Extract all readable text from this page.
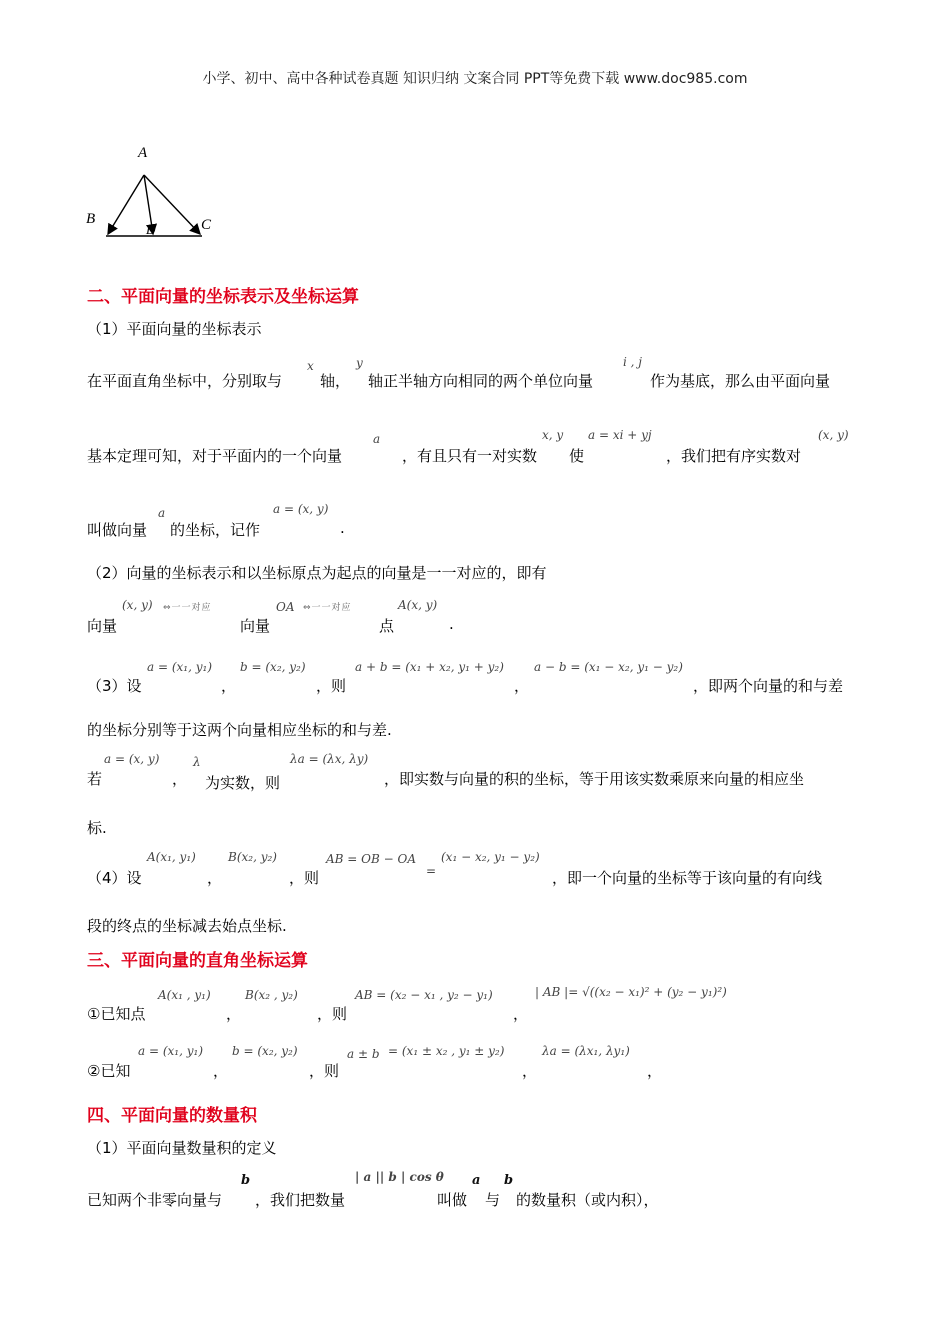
小学、初中、高中各种试卷真题 知识归纳 文案合同 PPT等免费下载 www.doc985.com
A
B	C
D
二、平面向量的坐标表示及坐标运算
（1）平面向量的坐标表示
在平面直角坐标中，分别取与
x
轴，
y
轴正半轴方向相同的两个单位向量
i , j
作为基底，那么由平面向量
基本定理可知，对于平面内的一个向量
a
，有且只有一对实数
x, y
使
a = xi + yj
，我们把有序实数对
(x, y)
叫做向量
a
的坐标，记作
a = (x, y)
.
（2）向量的坐标表示和以坐标原点为起点的向量是一一对应的，即有
向量
(x, y) ⇔一一对应
向量
OA ⇔一一对应
点
A(x, y)
.
（3）设
a = (x₁, y₁)
，
b = (x₂, y₂)
，则
a + b = (x₁ + x₂, y₁ + y₂)
，
a − b = (x₁ − x₂, y₁ − y₂)
，即两个向量的和与差
的坐标分别等于这两个向量相应坐标的和与差.
若
a = (x, y)
，
λ
为实数，则
λa = (λx, λy)
，即实数与向量的积的坐标，等于用该实数乘原来向量的相应坐
标.
（4）设
A(x₁, y₁)
，
B(x₂, y₂)
，则
AB = OB − OA
=
(x₁ − x₂, y₁ − y₂)
，即一个向量的坐标等于该向量的有向线
段的终点的坐标减去始点坐标.
三、平面向量的直角坐标运算
①已知点
A(x₁ , y₁)
，
B(x₂ , y₂)
，则
AB = (x₂ − x₁ , y₂ − y₁)
，
| AB |= √((x₂ − x₁)² + (y₂ − y₁)²)
②已知
a = (x₁, y₁)
，
b = (x₂, y₂)
，则
a ± b = (x₁ ± x₂ , y₁ ± y₂)
，
λa = (λx₁, λy₁)
，
四、平面向量的数量积
（1）平面向量数量积的定义
已知两个非零向量与
b
，我们把数量
| a || b | cos θ
叫做
a
与
b
的数量积（或内积），
